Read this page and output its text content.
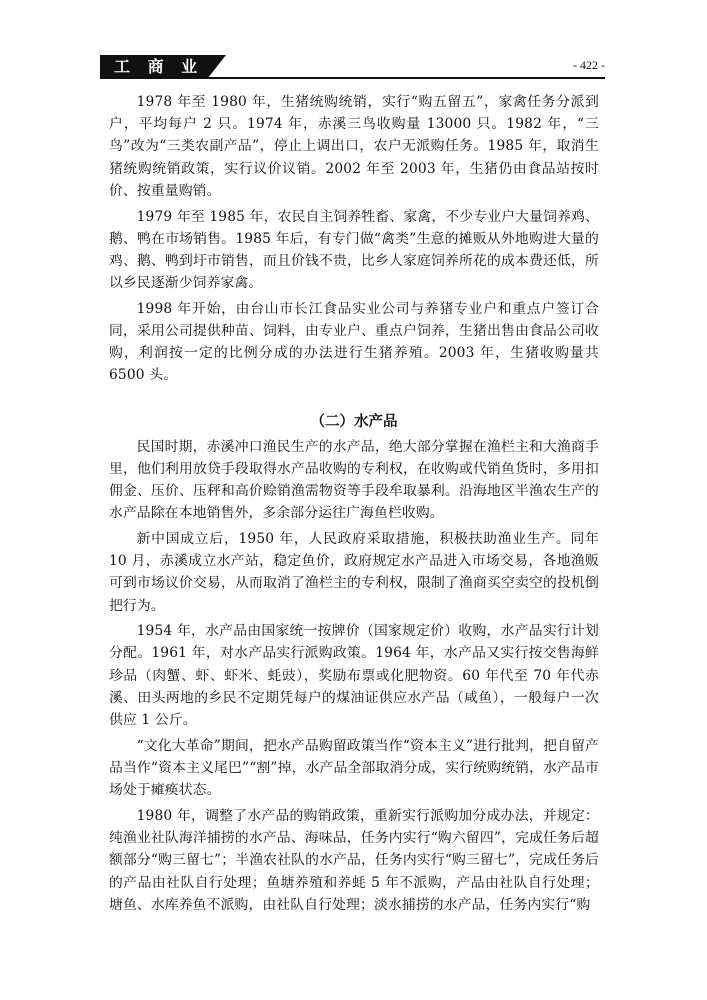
工 商 业	- 422 -

1978 年至 1980 年，生猪统购统销，实行“购五留五”，家禽任务分派到户，平均每户 2 只。1974 年，赤溪三鸟收购量 13000 只。1982 年，“三鸟”改为“三类农副产品”，停止上调出口，农户无派购任务。1985 年，取消生猪统购统销政策，实行议价议销。2002 年至 2003 年，生猪仍由食品站按时价、按重量购销。

1979 年至 1985 年，农民自主饲养牲畜、家禽，不少专业户大量饲养鸡、鹅、鸭在市场销售。1985 年后，有专门做“禽类”生意的摊贩从外地购进大量的鸡、鹅、鸭到圩市销售，而且价钱不贵，比乡人家庭饲养所花的成本费还低，所以乡民逐渐少饲养家禽。

1998 年开始，由台山市长江食品实业公司与养猪专业户和重点户签订合同，采用公司提供种苗、饲料，由专业户、重点户饲养，生猪出售由食品公司收购，利润按一定的比例分成的办法进行生猪养殖。2003 年，生猪收购量共 6500 头。

（二）水产品

民国时期，赤溪冲口渔民生产的水产品，绝大部分掌握在渔栏主和大渔商手里，他们利用放贷手段取得水产品收购的专利权，在收购或代销鱼货时，多用扣佣金、压价、压秤和高价赊销渔需物资等手段牟取暴利。沿海地区半渔农生产的水产品除在本地销售外，多余部分运往广海鱼栏收购。

新中国成立后，1950 年，人民政府采取措施，积极扶助渔业生产。同年 10 月，赤溪成立水产站，稳定鱼价，政府规定水产品进入市场交易，各地渔贩可到市场议价交易，从而取消了渔栏主的专利权，限制了渔商买空卖空的投机倒把行为。

1954 年，水产品由国家统一按牌价（国家规定价）收购，水产品实行计划分配。1961 年，对水产品实行派购政策。1964 年，水产品又实行按交售海鲜珍品（肉蟹、虾、虾米、蚝豉），奖励布票或化肥物资。60 年代至 70 年代赤溪、田头两地的乡民不定期凭每户的煤油证供应水产品（咸鱼），一般每户一次供应 1 公斤。

“文化大革命”期间，把水产品购留政策当作“资本主义”进行批判，把自留产品当作“资本主义尾巴”“割”掉，水产品全部取消分成，实行统购统销，水产品市场处于瘫痪状态。

1980 年，调整了水产品的购销政策，重新实行派购加分成办法，并规定：纯渔业社队海洋捕捞的水产品、海味品，任务内实行“购六留四”，完成任务后超额部分“购三留七”；半渔农社队的水产品，任务内实行“购三留七”，完成任务后的产品由社队自行处理；鱼塘养殖和养蚝 5 年不派购，产品由社队自行处理；塘鱼、水库养鱼不派购，由社队自行处理；淡水捕捞的水产品，任务内实行“购
